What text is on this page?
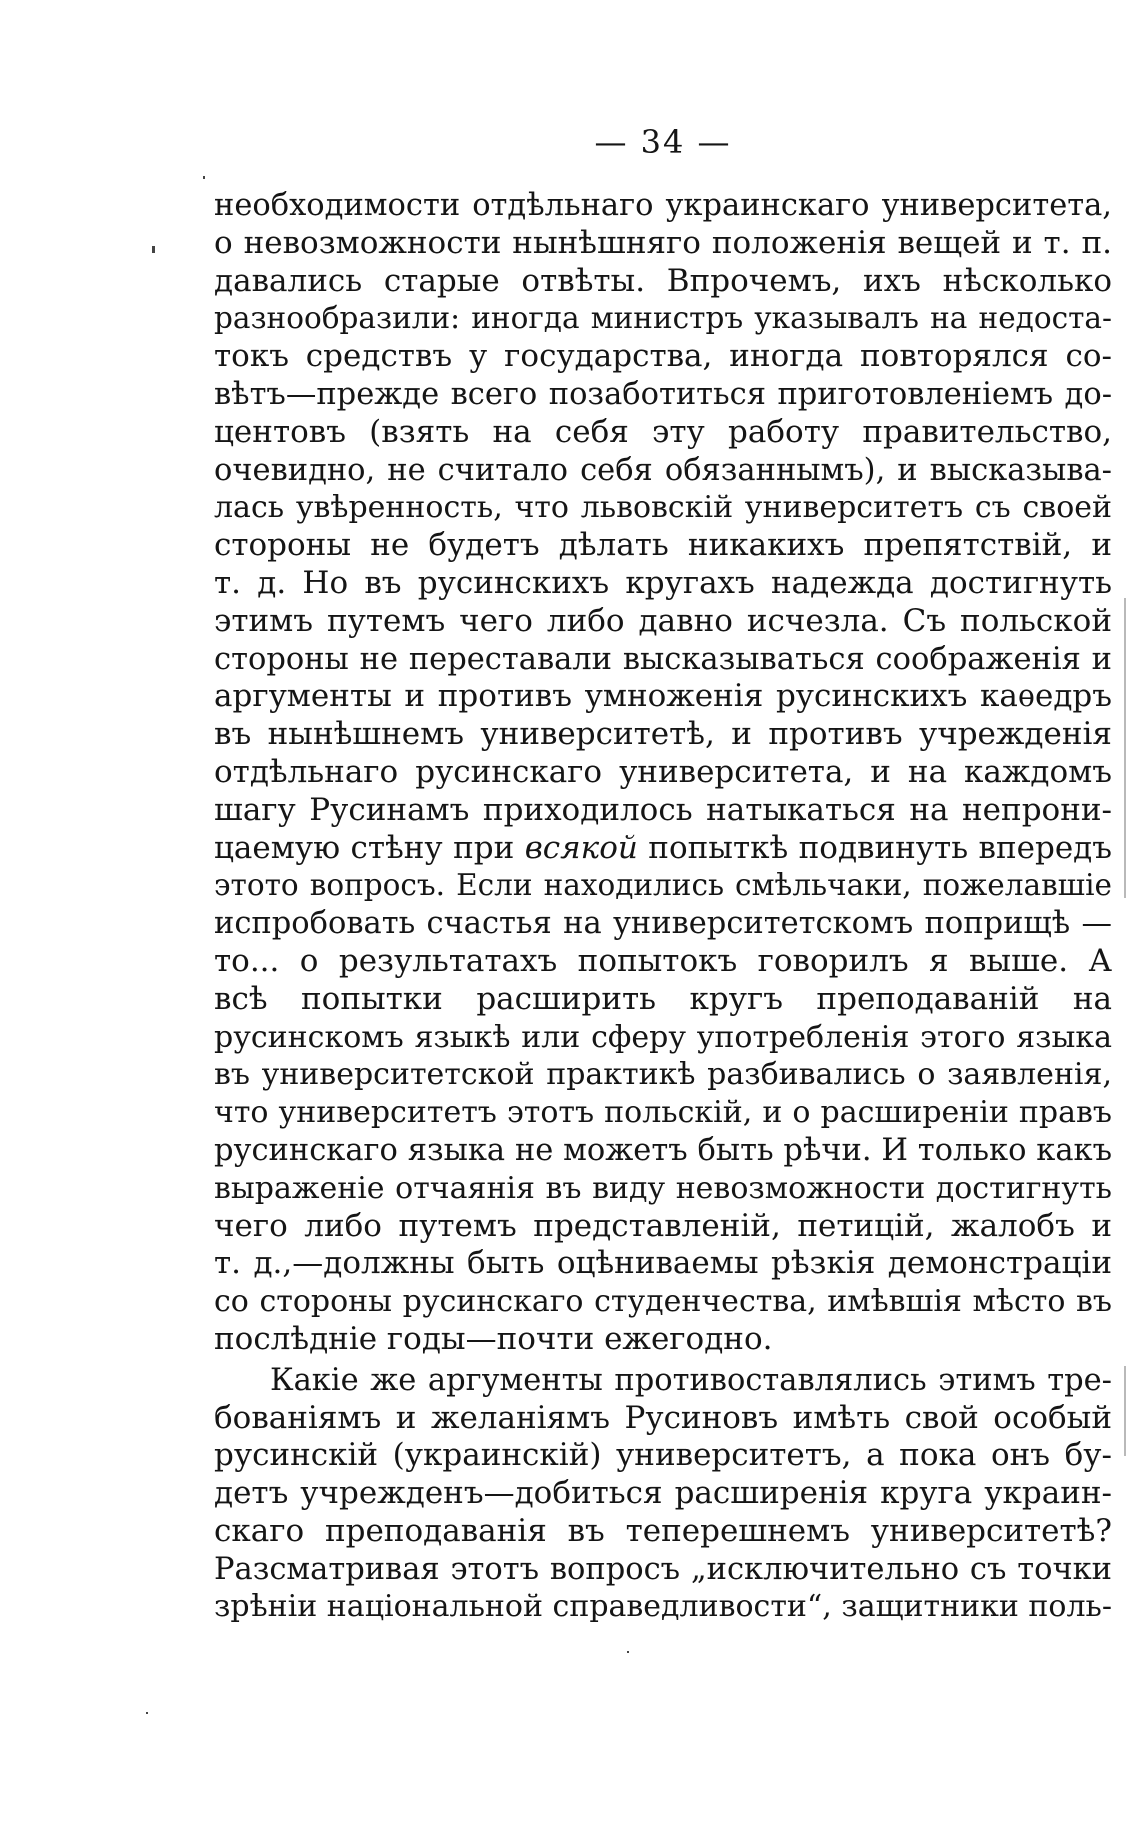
— 34 —
необходимости отдѣльнаго украинскаго университета,
о невозможности нынѣшняго положенія вещей и т. п.
давались старые отвѣты. Впрочемъ, ихъ нѣсколько
разнообразили: иногда министръ указывалъ на недоста-
токъ средствъ у государства, иногда повторялся со-
вѣтъ—прежде всего позаботиться приготовленіемъ до-
центовъ (взять на себя эту работу правительство,
очевидно, не считало себя обязаннымъ), и высказыва-
лась увѣренность, что львовскій университетъ съ своей
стороны не будетъ дѣлать никакихъ препятствій, и
т. д. Но въ русинскихъ кругахъ надежда достигнуть
этимъ путемъ чего либо давно исчезла. Съ польской
стороны не переставали высказываться соображенія и
аргументы и противъ умноженія русинскихъ каѳедръ
въ нынѣшнемъ университетѣ, и противъ учрежденія
отдѣльнаго русинскаго университета, и на каждомъ
шагу Русинамъ приходилось натыкаться на непрони-
цаемую стѣну при всякой попыткѣ подвинуть впередъ
этото вопросъ. Если находились смѣльчаки, пожелавшіе
испробовать счастья на университетскомъ поприщѣ —
то... о результатахъ попытокъ говорилъ я выше. А
всѣ попытки расширить кругъ преподаваній на
русинскомъ языкѣ или сферу употребленія этого языка
въ университетской практикѣ разбивались о заявленія,
что университетъ этотъ польскій, и о расширеніи правъ
русинскаго языка не можетъ быть рѣчи. И только какъ
выраженіе отчаянія въ виду невозможности достигнуть
чего либо путемъ представленій, петицій, жалобъ и
т. д.,—должны быть оцѣниваемы рѣзкія демонстраціи
со стороны русинскаго студенчества, имѣвшія мѣсто въ
послѣдніе годы—почти ежегодно.
Какіе же аргументы противоставлялись этимъ тре-
бованіямъ и желаніямъ Русиновъ имѣть свой особый
русинскій (украинскій) университетъ, а пока онъ бу-
детъ учрежденъ—добиться расширенія круга украин-
скаго преподаванія въ теперешнемъ университетѣ?
Разсматривая этотъ вопросъ „исключительно съ точки
зрѣніи національной справедливости“, защитники поль-
